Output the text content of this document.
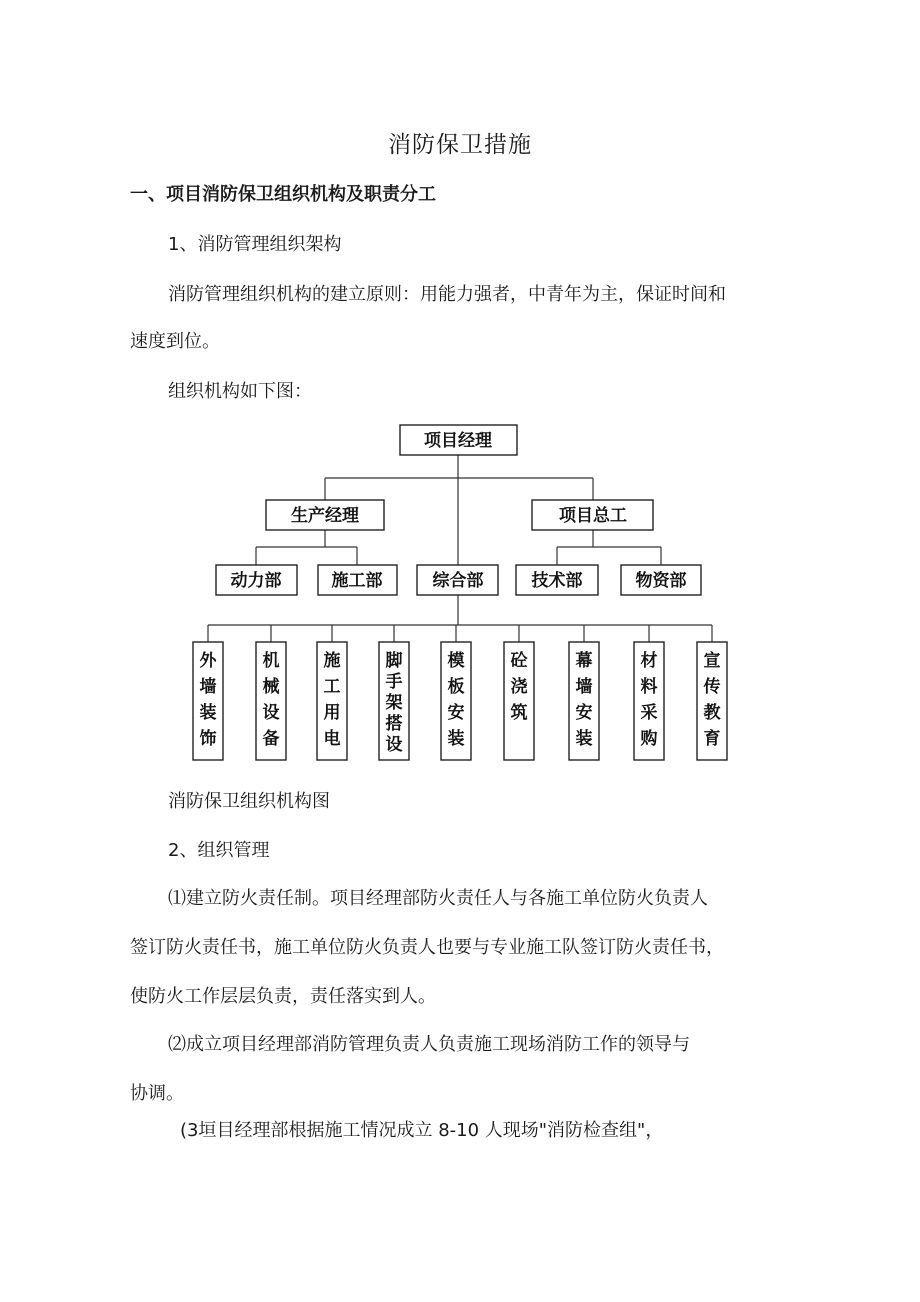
消防保卫措施
一、项目消防保卫组织机构及职责分工
1、消防管理组织架构
消防管理组织机构的建立原则：用能力强者，中青年为主，保证时间和
速度到位。
组织机构如下图：
项目经理
生产经理	项目总工
动力部	施工部	综合部	技术部	物资部
外墙装饰
机械设备
施工用电
脚手架搭设
模板安装
砼浇筑
幕墙安装
材料采购
宣传教育
消防保卫组织机构图
2、组织管理
⑴建立防火责任制。项目经理部防火责任人与各施工单位防火负责人
签订防火责任书，施工单位防火负责人也要与专业施工队签订防火责任书，
使防火工作层层负责，责任落实到人。
⑵成立项目经理部消防管理负责人负责施工现场消防工作的领导与
协调。
(3垣目经理部根据施工情况成立 8-10 人现场"消防检查组"，
